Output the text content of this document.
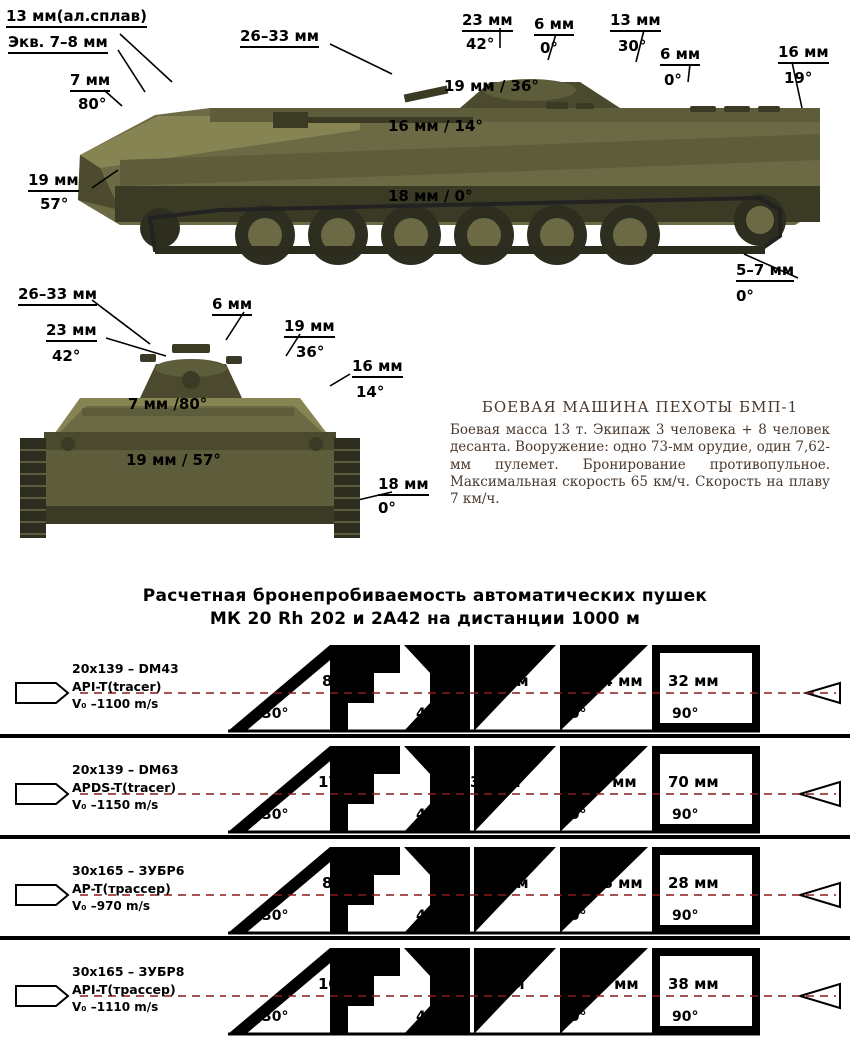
13 мм(ал.сплав)
Экв. 7–8 мм
7 мм
80°
19 мм
57°
26–33 мм
23 мм
42°
6 мм
0°
13 мм
30° 6 мм
0°
16 мм
19°
19 мм / 36°
16 мм / 14°
18 мм / 0°
5–7 мм
0°
26–33 мм
23 мм
42°
6 мм
19 мм
36°
16 мм
14°
7 мм /80°
19 мм / 57°
18 мм
0°
БОЕВАЯ МАШИНА ПЕХОТЫ БМП-1
Боевая масса 13 т. Экипаж 3 человека + 8 человек десанта. Вооружение: одно 73-мм орудие, один 7,62-мм пулемет. Бронирование противопульное. Максимальная скорость 65 км/ч. Скорость на плаву 7 км/ч.
Расчетная бронепробиваемость автоматических пушек
МК 20 Rh 202 и 2А42 на дистанции 1000 м
20x139 – DM43
API-T(tracer)
V₀ –1100 m/s
8 мм	16 мм	24 мм 32 мм
30°	45°	60°	90°
20x139 – DM63
APDS-T(tracer)
V₀ –1150 m/s
17мм	35 мм	52 мм 70 мм
30°	45°	60°	90°
30x165 – ЗУБР6
AP-T(трассер)
V₀ –970 m/s
8 мм	13 мм	18 мм 28 мм
30°	45°	60°	90°
30x165 – ЗУБР8
API-T(трассер)
V₀ –1110 m/s
10мм	20 мм	28 мм 38 мм
30°	45°	60°	90°
